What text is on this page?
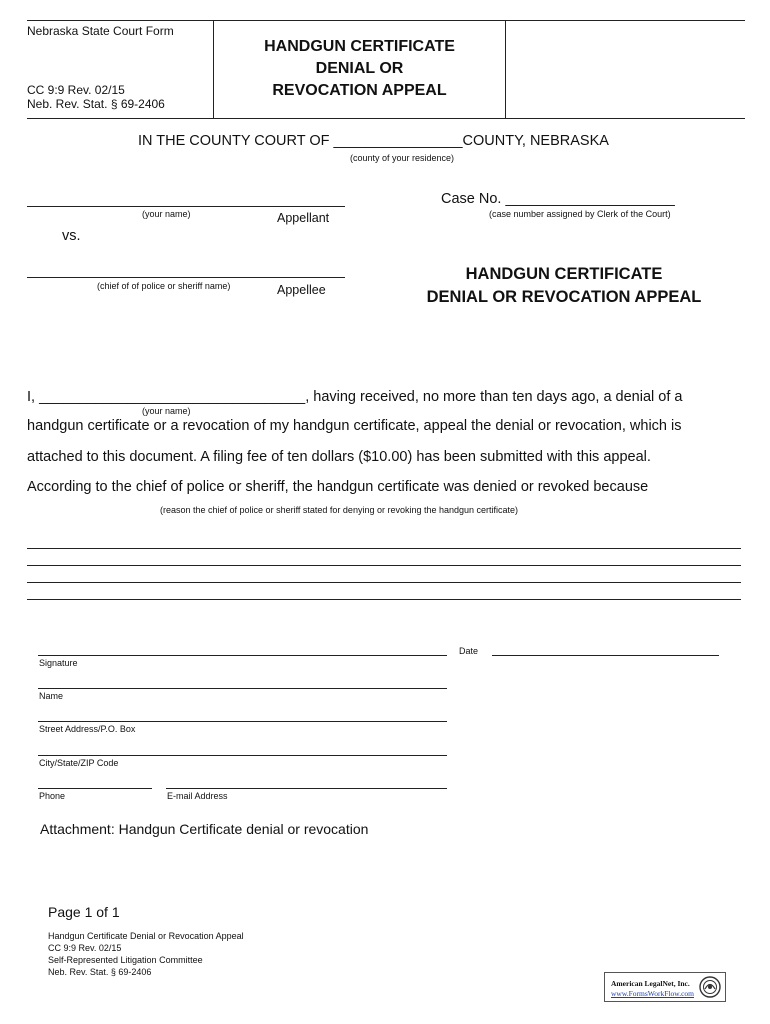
Nebraska State Court Form
CC 9:9 Rev. 02/15
Neb. Rev. Stat. § 69-2406
HANDGUN CERTIFICATE
DENIAL OR
REVOCATION APPEAL
IN THE COUNTY COURT OF ________________COUNTY, NEBRASKA
(county of your residence)
(your name)	Appellant
vs.
(chief of of police or sheriff name)	Appellee
Case No. _____________________
(case number assigned by Clerk of the Court)
HANDGUN CERTIFICATE
DENIAL OR REVOCATION APPEAL
I, _________________________________, having received, no more than ten days ago, a denial of a
(your name)
handgun certificate or a revocation of my handgun certificate, appeal the denial or revocation, which is
attached to this document. A filing fee of ten dollars ($10.00) has been submitted with this appeal.
According to the chief of police or sheriff, the handgun certificate was denied or revoked because
(reason the chief of police or sheriff stated for denying or revoking the handgun certificate)
Signature
Date
Name
Street Address/P.O. Box
City/State/ZIP Code
Phone	E-mail Address
Attachment: Handgun Certificate denial or revocation
Page 1 of 1
Handgun Certificate Denial or Revocation Appeal
CC 9:9 Rev. 02/15
Self-Represented Litigation Committee
Neb. Rev. Stat. § 69-2406
American LegalNet, Inc.
www.FormsWorkFlow.com
